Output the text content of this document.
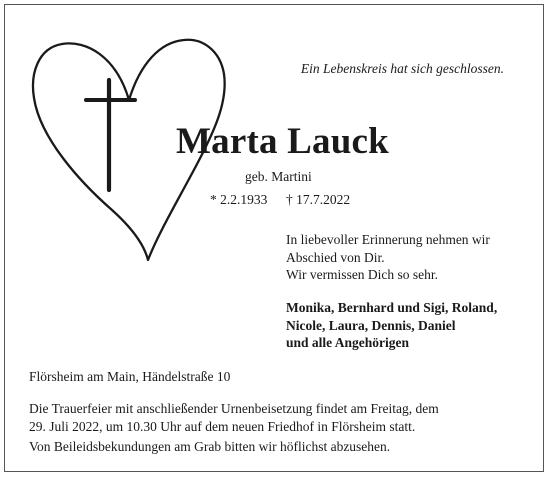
Ein Lebenskreis hat sich geschlossen.
Marta Lauck
geb. Martini
* 2.2.1933 † 17.7.2022
In liebevoller Erinnerung nehmen wir
Abschied von Dir.
Wir vermissen Dich so sehr.
Monika, Bernhard und Sigi, Roland,
Nicole, Laura, Dennis, Daniel
und alle Angehörigen
Flörsheim am Main, Händelstraße 10
Die Trauerfeier mit anschließender Urnenbeisetzung findet am Freitag, dem
29. Juli 2022, um 10.30 Uhr auf dem neuen Friedhof in Flörsheim statt.
Von Beileidsbekundungen am Grab bitten wir höflichst abzusehen.
